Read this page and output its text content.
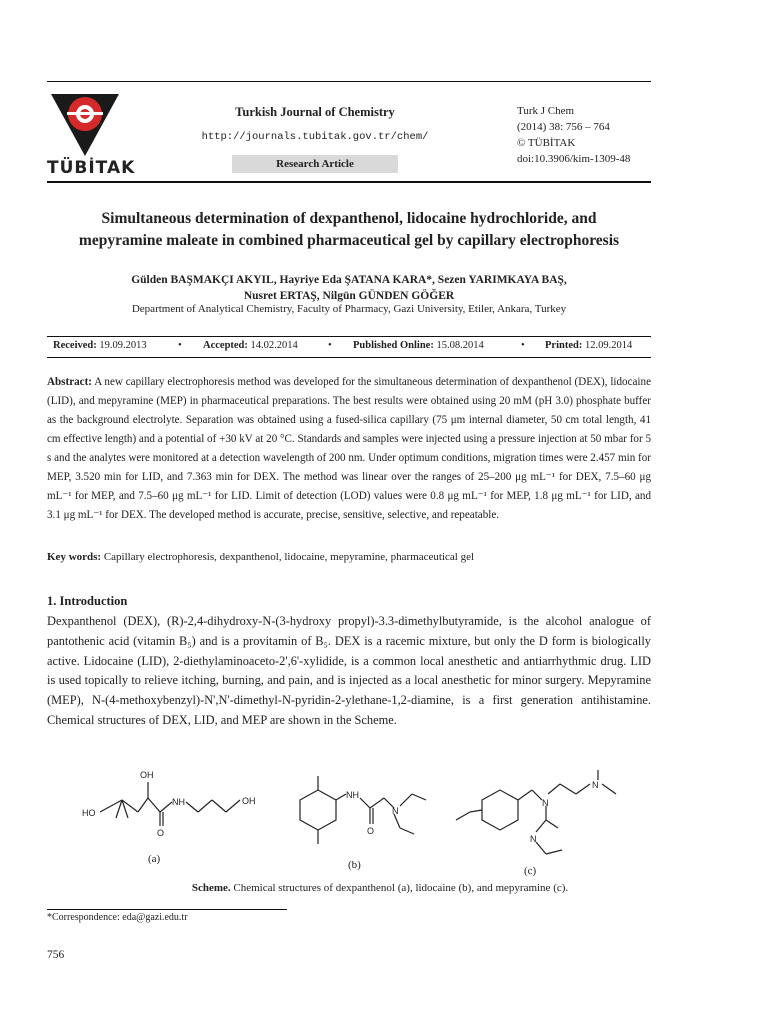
TÜBİTAK
Turkish Journal of Chemistry
http://journals.tubitak.gov.tr/chem/
Research Article
Turk J Chem
(2014) 38: 756 – 764
© TÜBİTAK
doi:10.3906/kim-1309-48
Simultaneous determination of dexpanthenol, lidocaine hydrochloride, and
mepyramine maleate in combined pharmaceutical gel by capillary electrophoresis
Gülden BAŞMAKÇI AKYIL, Hayriye Eda ŞATANA KARA*, Sezen YARIMKAYA BAŞ,
Nusret ERTAŞ, Nilgün GÜNDEN GÖĞER
Department of Analytical Chemistry, Faculty of Pharmacy, Gazi University, Etiler, Ankara, Turkey
Received: 19.09.2013	• Accepted: 14.02.2014	• Published Online: 15.08.2014	• Printed: 12.09.2014
Abstract: A new capillary electrophoresis method was developed for the simultaneous determination of dexpanthenol (DEX), lidocaine (LID), and mepyramine (MEP) in pharmaceutical preparations. The best results were obtained using 20 mM (pH 3.0) phosphate buffer as the background electrolyte. Separation was obtained using a fused-silica capillary (75 μm internal diameter, 50 cm total length, 41 cm effective length) and a potential of +30 kV at 20 °C. Standards and samples were injected using a pressure injection at 50 mbar for 5 s and the analytes were monitored at a detection wavelength of 200 nm. Under optimum conditions, migration times were 2.457 min for MEP, 3.520 min for LID, and 7.363 min for DEX. The method was linear over the ranges of 25–200 μg mL⁻¹ for DEX, 7.5–60 μg mL⁻¹ for MEP, and 7.5–60 μg mL⁻¹ for LID. Limit of detection (LOD) values were 0.8 μg mL⁻¹ for MEP, 1.8 μg mL⁻¹ for LID, and 3.1 μg mL⁻¹ for DEX. The developed method is accurate, precise, sensitive, selective, and repeatable.
Key words: Capillary electrophoresis, dexpanthenol, lidocaine, mepyramine, pharmaceutical gel
1. Introduction
Dexpanthenol (DEX), (R)-2,4-dihydroxy-N-(3-hydroxy propyl)-3.3-dimethylbutyramide, is the alcohol analogue of pantothenic acid (vitamin B₅) and is a provitamin of B₅. DEX is a racemic mixture, but only the D form is biologically active. Lidocaine (LID), 2-diethylaminoaceto-2',6'-xylidide, is a common local anesthetic and antiarrhythmic drug. LID is used topically to relieve itching, burning, and pain, and is injected as a local anesthetic for minor surgery. Mepyramine (MEP), N-(4-methoxybenzyl)-N',N'-dimethyl-N-pyridin-2-ylethane-1,2-diamine, is a first generation antihistamine. Chemical structures of DEX, LID, and MEP are shown in the Scheme.
OH
HO
NH	OH
O
NH
O
N
N
N
N
(a)	(b)	(c)
Scheme. Chemical structures of dexpanthenol (a), lidocaine (b), and mepyramine (c).
*Correspondence: eda@gazi.edu.tr
756
